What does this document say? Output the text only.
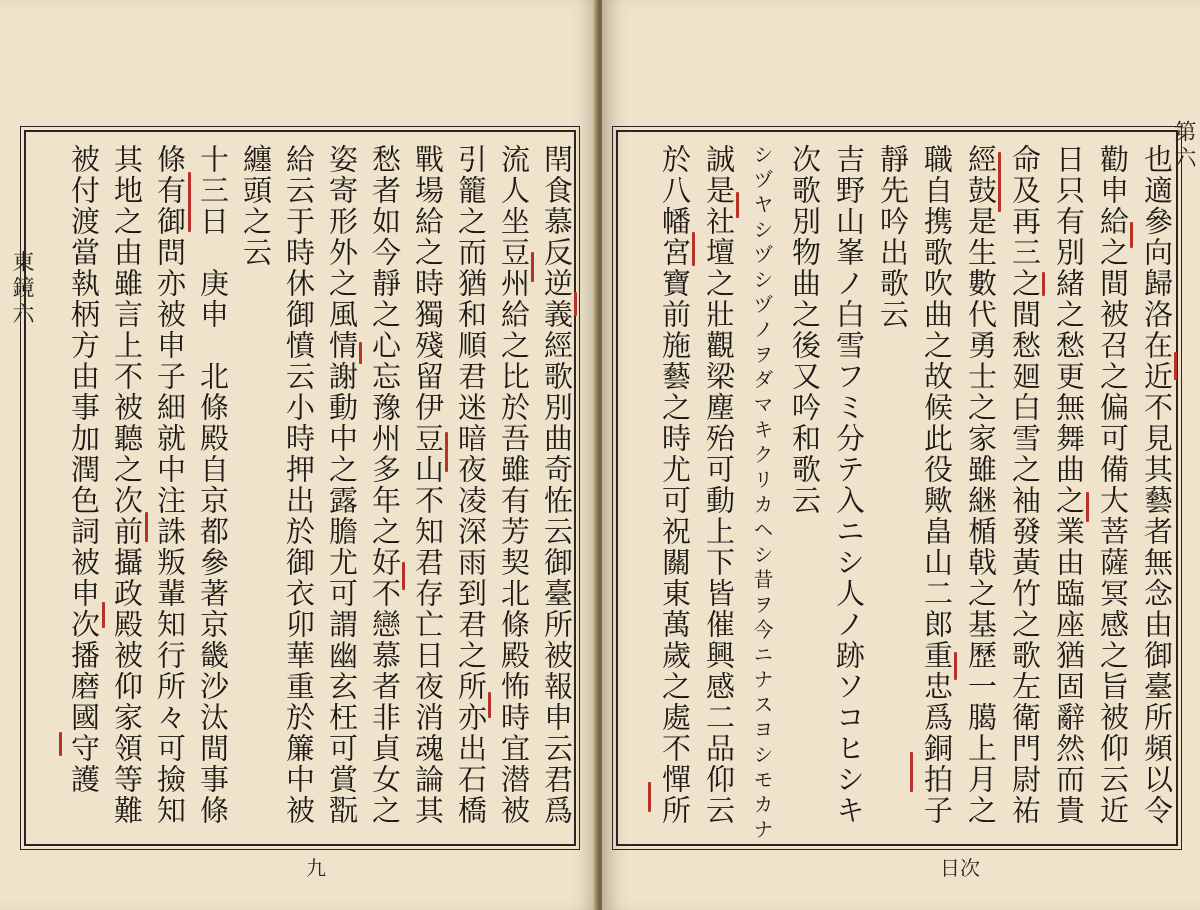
東鏡六	閈食慕反逆義經歌別曲奇恠云御臺所被報申云君爲
流人坐豆州給之比於吾雖有芳契北條殿怖時宜潜被
引籠之而猶和順君迷暗夜凌深雨到君之所亦出石橋
戰場給之時獨殘留伊豆山不知君存亡日夜消魂論其
愁者如今靜之心忘豫州多年之好不戀慕者非貞女之
姿寄形外之風情謝動中之露膽尤可謂幽玄枉可賞翫
給云于時休御憤云小時押出於御衣卯華重於簾中被
纏頭之云
十三日　庚申　北條殿自京都參著京畿沙汰間事條
條有御問亦被申子細就中注誅叛輩知行所々可撿知
其地之由雖言上不被聽之次前攝政殿被仰家領等難
被付渡當執柄方由事加潤色詞被申次播磨國守護
九
第六
也適參向歸洛在近不見其藝者無念由御臺所頻以令
勸申給之間被召之偏可備大菩薩冥感之旨被仰云近
日只有別緒之愁更無舞曲之業由臨座猶固辭然而貴
命及再三之間愁廻白雪之袖發黃竹之歌左衛門尉祐
經鼓是生數代勇士之家雖継楯戟之基歷一臈上月之
職自携歌吹曲之故候此役歟畠山二郎重忠爲銅拍子
靜先吟出歌云
吉野山峯ノ白雪フミ分テ入ニシ人ノ跡ソコヒシキ
次歌別物曲之後又吟和歌云
シヅヤシヅシヅノヲダマキクリカヘシ昔ヲ今ニナスヨシモカナ
誠是社壇之壯觀梁塵殆可動上下皆催興感二品仰云
於八幡宮寶前施藝之時尤可祝關東萬歲之處不憚所
日次
